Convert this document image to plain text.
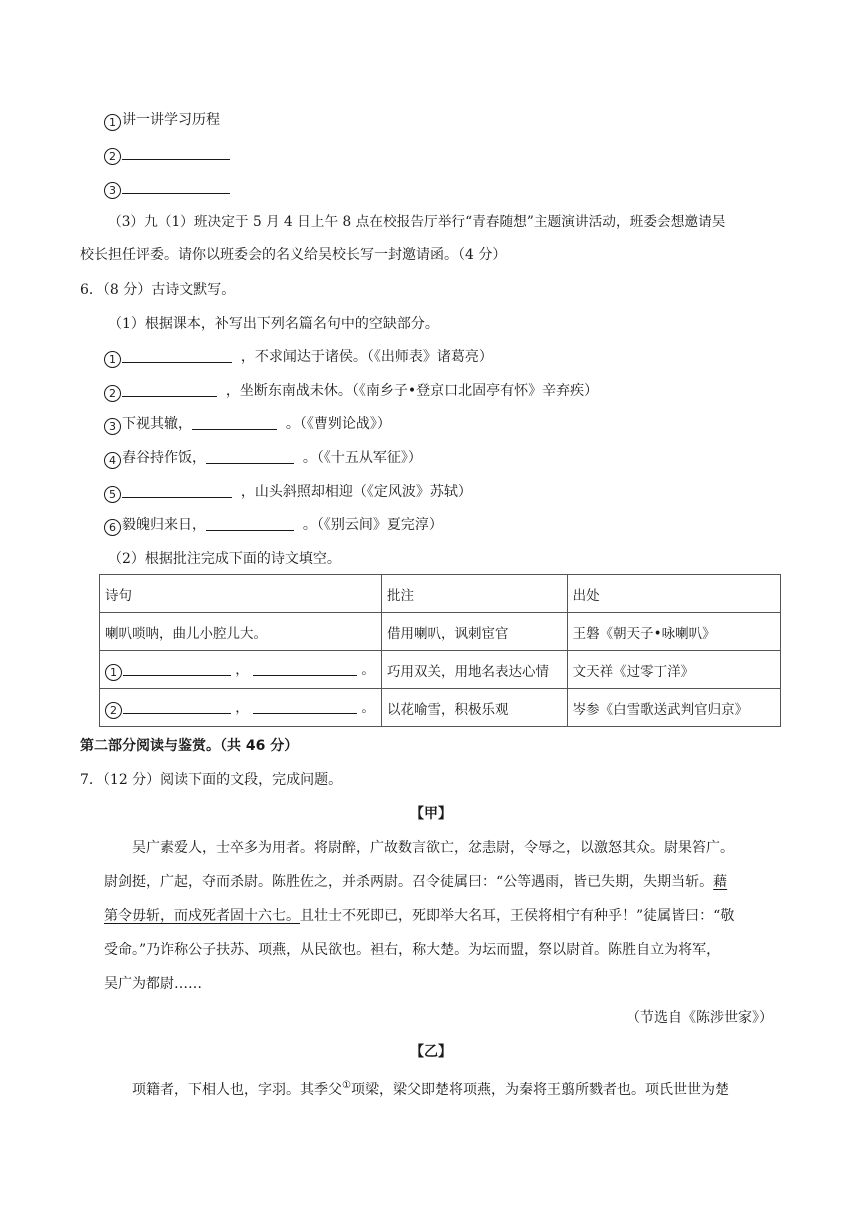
1 讲一讲学习历程
2
3
（3）九（1）班决定于 5 月 4 日上午 8 点在校报告厅举行“青春随想”主题演讲活动，班委会想邀请吴
校长担任评委。请你以班委会的名义给吴校长写一封邀请函。（4 分）
6．（8 分）古诗文默写。
（1）根据课本，补写出下列名篇名句中的空缺部分。
1	，不求闻达于诸侯。（《出师表》诸葛亮）
2	，坐断东南战未休。（《南乡子•登京口北固亭有怀》辛弃疾）
3 下视其辙，	。（《曹刿论战》）
4 舂谷持作饭，	。（《十五从军征》）
5	，山头斜照却相迎（《定风波》苏轼）
6 毅魄归来日，	。（《别云间》夏完淳）
（2）根据批注完成下面的诗文填空。
诗句	批注	出处
喇叭唢呐，曲儿小腔儿大。	借用喇叭，讽刺宦官	王磐《朝天子•咏喇叭》
1 ， 。	巧用双关，用地名表达心情	文天祥《过零丁洋》
2 ， 。	以花喻雪，积极乐观	岑参《白雪歌送武判官归京》
第二部分阅读与鉴赏。（共 46 分）
7．（12 分）阅读下面的文段，完成问题。
【甲】
吴广素爱人，士卒多为用者。将尉醉，广故数言欲亡，忿恚尉，令辱之，以激怒其众。尉果笞广。
尉剑挺，广起，夺而杀尉。陈胜佐之，并杀两尉。召令徒属曰：“公等遇雨，皆已失期，失期当斩。藉
第令毋斩，而戍死者固十六七。且壮士不死即已，死即举大名耳，王侯将相宁有种乎！”徒属皆曰：“敬
受命。”乃诈称公子扶苏、项燕，从民欲也。袒右，称大楚。为坛而盟，祭以尉首。陈胜自立为将军，
吴广为都尉……
（节选自《陈涉世家》）
【乙】
项籍者，下相人也，字羽。其季父①项梁，梁父即楚将项燕，为秦将王翦所戮者也。项氏世世为楚
